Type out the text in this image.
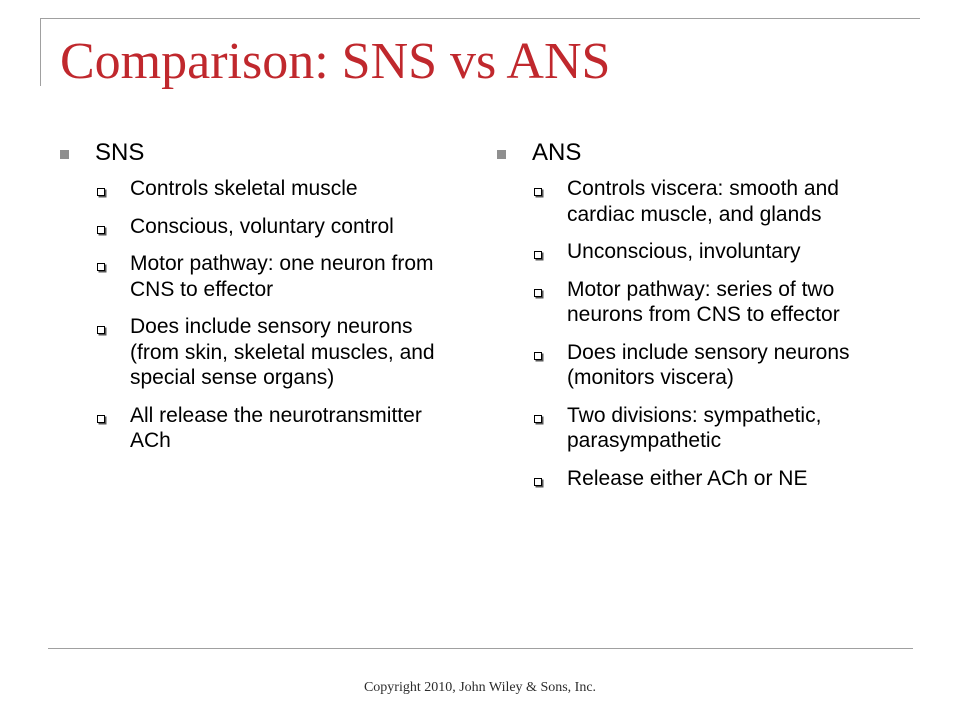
Comparison: SNS vs ANS
SNS
Controls skeletal muscle
Conscious, voluntary control
Motor pathway: one neuron from CNS to effector
Does include sensory neurons (from skin, skeletal muscles, and special sense organs)
All release the neurotransmitter ACh
ANS
Controls viscera: smooth and cardiac muscle, and glands
Unconscious, involuntary
Motor pathway: series of two neurons from CNS to effector
Does include sensory neurons (monitors viscera)
Two divisions: sympathetic, parasympathetic
Release either ACh or NE
Copyright 2010, John Wiley & Sons, Inc.
